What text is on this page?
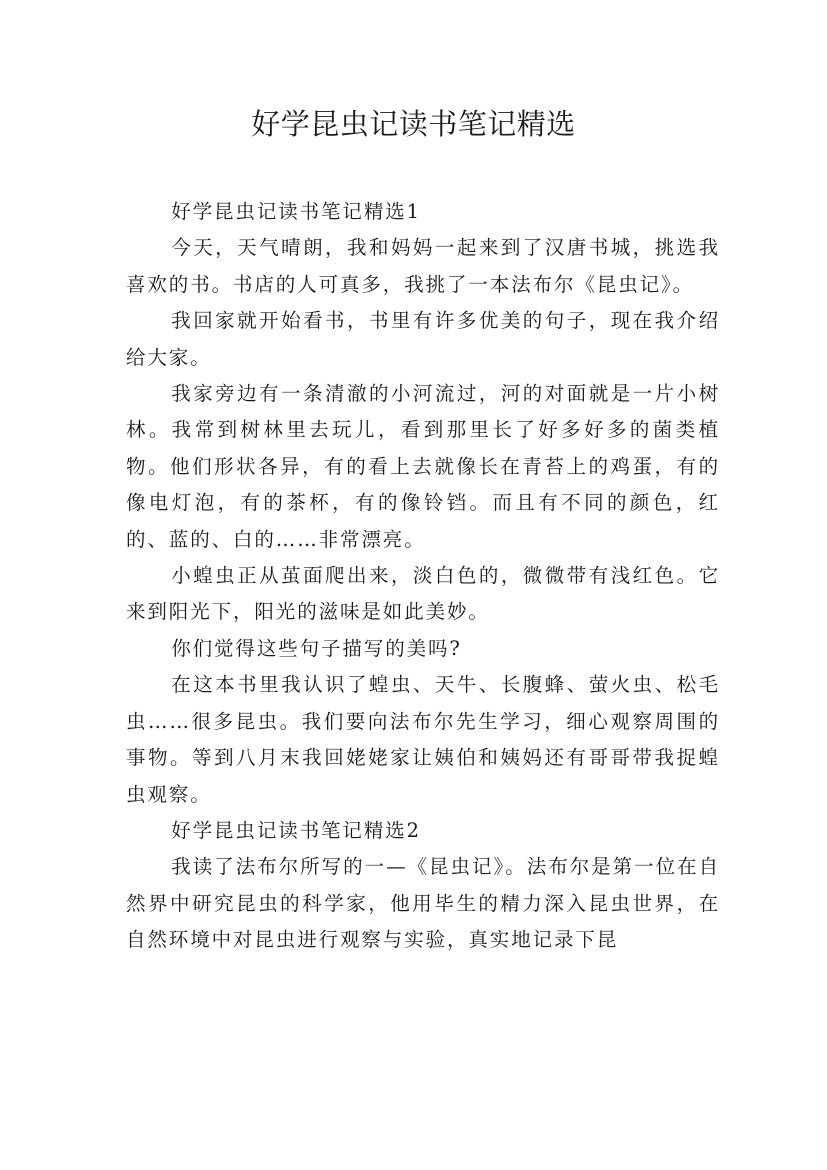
好学昆虫记读书笔记精选

好学昆虫记读书笔记精选1

今天，天气晴朗，我和妈妈一起来到了汉唐书城，挑选我喜欢的书。书店的人可真多，我挑了一本法布尔《昆虫记》。

我回家就开始看书，书里有许多优美的句子，现在我介绍给大家。

我家旁边有一条清澈的小河流过，河的对面就是一片小树林。我常到树林里去玩儿，看到那里长了好多好多的菌类植物。他们形状各异，有的看上去就像长在青苔上的鸡蛋，有的像电灯泡，有的茶杯，有的像铃铛。而且有不同的颜色，红的、蓝的、白的……非常漂亮。

小蝗虫正从茧面爬出来，淡白色的，微微带有浅红色。它来到阳光下，阳光的滋味是如此美妙。

你们觉得这些句子描写的美吗?

在这本书里我认识了蝗虫、天牛、长腹蜂、萤火虫、松毛虫……很多昆虫。我们要向法布尔先生学习，细心观察周围的事物。等到八月末我回姥姥家让姨伯和姨妈还有哥哥带我捉蝗虫观察。

好学昆虫记读书笔记精选2

我读了法布尔所写的一—《昆虫记》。法布尔是第一位在自然界中研究昆虫的科学家，他用毕生的精力深入昆虫世界，在自然环境中对昆虫进行观察与实验，真实地记录下昆
